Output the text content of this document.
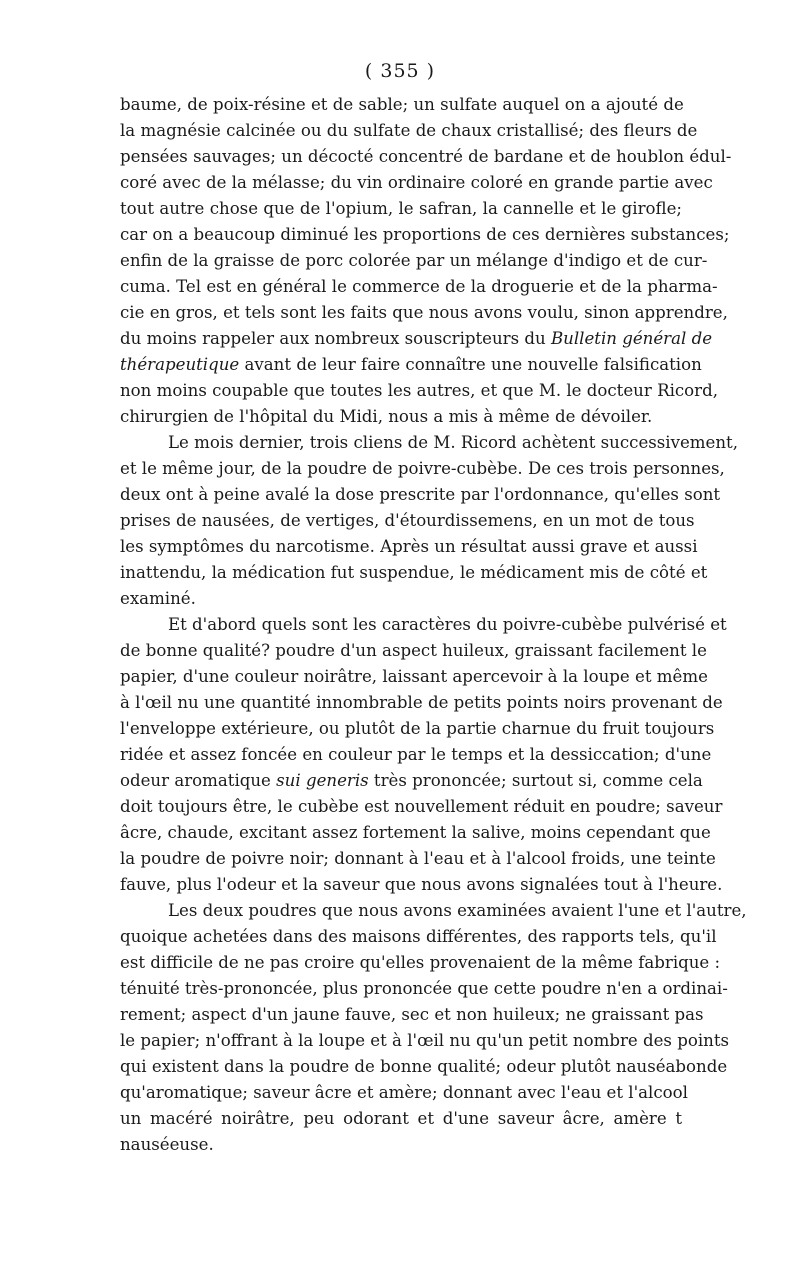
( 355 )
baume, de poix-résine et de sable; un sulfate auquel on a ajouté de
la magnésie calcinée ou du sulfate de chaux cristallisé; des fleurs de
pensées sauvages; un décocté concentré de bardane et de houblon édul-
coré avec de la mélasse; du vin ordinaire coloré en grande partie avec
tout autre chose que de l'opium, le safran, la cannelle et le girofle;
car on a beaucoup diminué les proportions de ces dernières substances;
enfin de la graisse de porc colorée par un mélange d'indigo et de cur-
cuma. Tel est en général le commerce de la droguerie et de la pharma-
cie en gros, et tels sont les faits que nous avons voulu, sinon apprendre,
du moins rappeler aux nombreux souscripteurs du Bulletin général de
thérapeutique avant de leur faire connaître une nouvelle falsification
non moins coupable que toutes les autres, et que M. le docteur Ricord,
chirurgien de l'hôpital du Midi, nous a mis à même de dévoiler.
Le mois dernier, trois cliens de M. Ricord achètent successivement,
et le même jour, de la poudre de poivre-cubèbe. De ces trois personnes,
deux ont à peine avalé la dose prescrite par l'ordonnance, qu'elles sont
prises de nausées, de vertiges, d'étourdissemens, en un mot de tous
les symptômes du narcotisme. Après un résultat aussi grave et aussi
inattendu, la médication fut suspendue, le médicament mis de côté et
examiné.
Et d'abord quels sont les caractères du poivre-cubèbe pulvérisé et
de bonne qualité? poudre d'un aspect huileux, graissant facilement le
papier, d'une couleur noirâtre, laissant apercevoir à la loupe et même
à l'œil nu une quantité innombrable de petits points noirs provenant de
l'enveloppe extérieure, ou plutôt de la partie charnue du fruit toujours
ridée et assez foncée en couleur par le temps et la dessiccation; d'une
odeur aromatique sui generis très prononcée; surtout si, comme cela
doit toujours être, le cubèbe est nouvellement réduit en poudre; saveur
âcre, chaude, excitant assez fortement la salive, moins cependant que
la poudre de poivre noir; donnant à l'eau et à l'alcool froids, une teinte
fauve, plus l'odeur et la saveur que nous avons signalées tout à l'heure.
Les deux poudres que nous avons examinées avaient l'une et l'autre,
quoique achetées dans des maisons différentes, des rapports tels, qu'il
est difficile de ne pas croire qu'elles provenaient de la même fabrique :
ténuité très-prononcée, plus prononcée que cette poudre n'en a ordinai-
rement; aspect d'un jaune fauve, sec et non huileux; ne graissant pas
le papier; n'offrant à la loupe et à l'œil nu qu'un petit nombre des points
qui existent dans la poudre de bonne qualité; odeur plutôt nauséabonde
qu'aromatique; saveur âcre et amère; donnant avec l'eau et l'alcool
un macéré noirâtre, peu odorant et d'une saveur âcre, amère t
nauséeuse.
